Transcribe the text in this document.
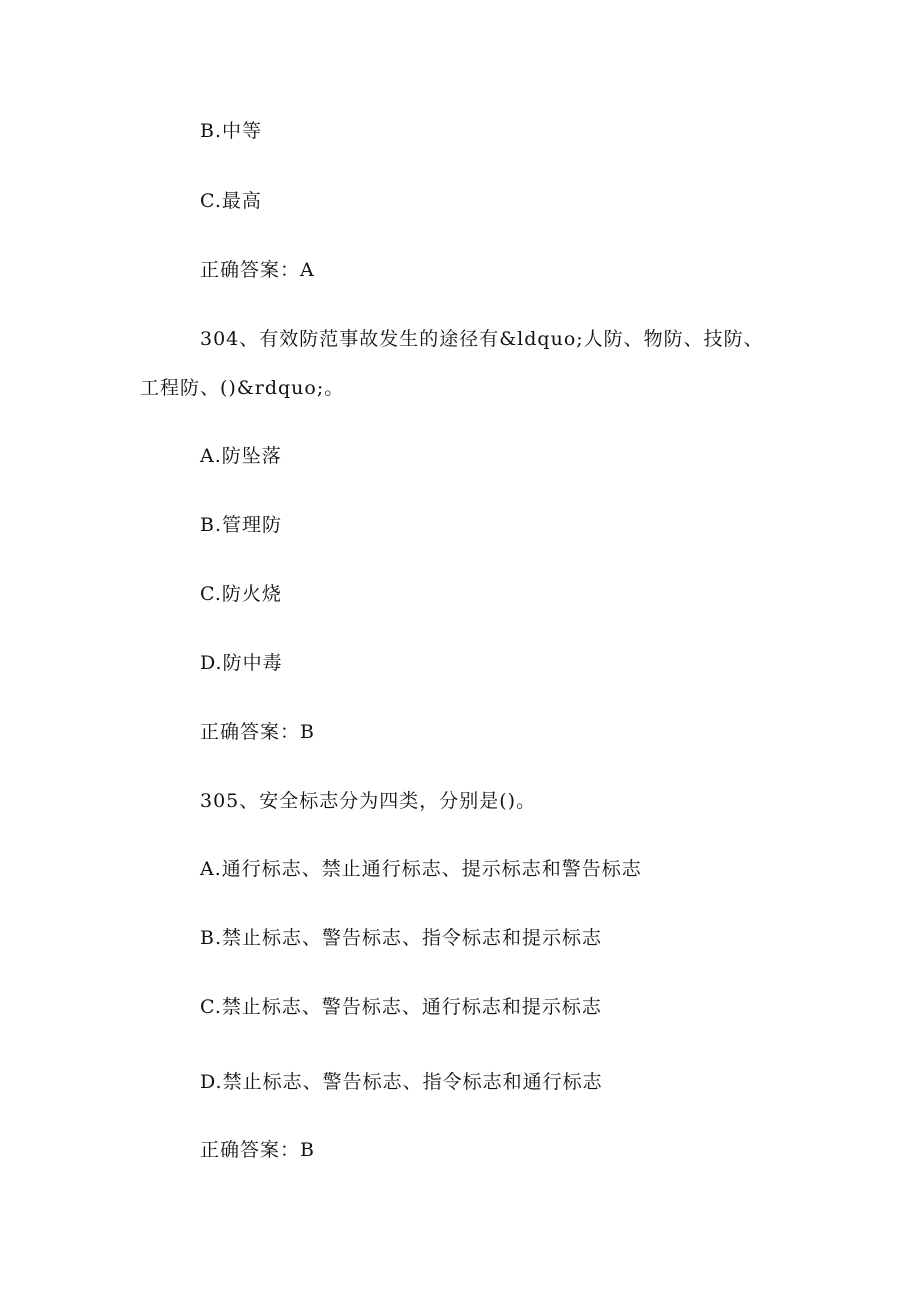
B.中等
C.最高
正确答案：A
304、有效防范事故发生的途径有&ldquo;人防、物防、技防、
工程防、()&rdquo;。
A.防坠落
B.管理防
C.防火烧
D.防中毒
正确答案：B
305、安全标志分为四类，分别是()。
A.通行标志、禁止通行标志、提示标志和警告标志
B.禁止标志、警告标志、指令标志和提示标志
C.禁止标志、警告标志、通行标志和提示标志
D.禁止标志、警告标志、指令标志和通行标志
正确答案：B
